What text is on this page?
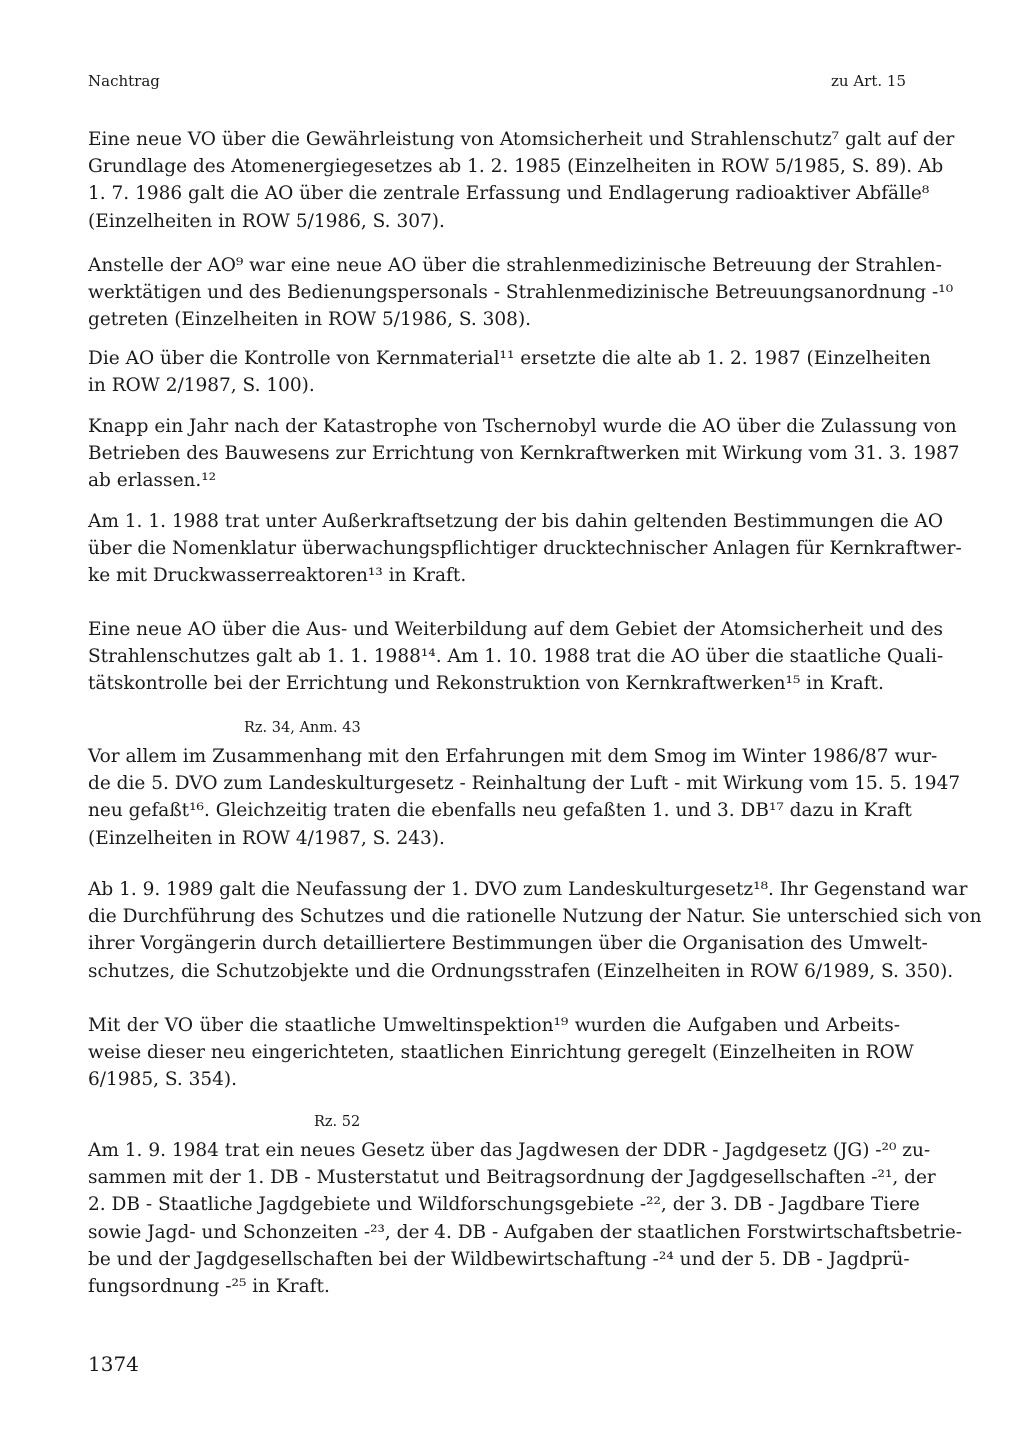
Nachtrag	zu Art. 15
Eine neue VO über die Gewährleistung von Atomsicherheit und Strahlenschutz⁷ galt auf der
Grundlage des Atomenergiegesetzes ab 1. 2. 1985 (Einzelheiten in ROW 5/1985, S. 89). Ab
1. 7. 1986 galt die AO über die zentrale Erfassung und Endlagerung radioaktiver Abfälle⁸
(Einzelheiten in ROW 5/1986, S. 307).
Anstelle der AO⁹ war eine neue AO über die strahlenmedizinische Betreuung der Strahlen-
werktätigen und des Bedienungspersonals - Strahlenmedizinische Betreuungsanordnung -¹⁰
getreten (Einzelheiten in ROW 5/1986, S. 308).
Die AO über die Kontrolle von Kernmaterial¹¹ ersetzte die alte ab 1. 2. 1987 (Einzelheiten
in ROW 2/1987, S. 100).
Knapp ein Jahr nach der Katastrophe von Tschernobyl wurde die AO über die Zulassung von
Betrieben des Bauwesens zur Errichtung von Kernkraftwerken mit Wirkung vom 31. 3. 1987
ab erlassen.¹²
Am 1. 1. 1988 trat unter Außerkraftsetzung der bis dahin geltenden Bestimmungen die AO
über die Nomenklatur überwachungspflichtiger drucktechnischer Anlagen für Kernkraftwer-
ke mit Druckwasserreaktoren¹³ in Kraft.
Eine neue AO über die Aus- und Weiterbildung auf dem Gebiet der Atomsicherheit und des
Strahlenschutzes galt ab 1. 1. 1988¹⁴. Am 1. 10. 1988 trat die AO über die staatliche Quali-
tätskontrolle bei der Errichtung und Rekonstruktion von Kernkraftwerken¹⁵ in Kraft.
Rz. 34, Anm. 43
Vor allem im Zusammenhang mit den Erfahrungen mit dem Smog im Winter 1986/87 wur-
de die 5. DVO zum Landeskulturgesetz - Reinhaltung der Luft - mit Wirkung vom 15. 5. 1947
neu gefaßt¹⁶. Gleichzeitig traten die ebenfalls neu gefaßten 1. und 3. DB¹⁷ dazu in Kraft
(Einzelheiten in ROW 4/1987, S. 243).
Ab 1. 9. 1989 galt die Neufassung der 1. DVO zum Landeskulturgesetz¹⁸. Ihr Gegenstand war
die Durchführung des Schutzes und die rationelle Nutzung der Natur. Sie unterschied sich von
ihrer Vorgängerin durch detailliertere Bestimmungen über die Organisation des Umwelt-
schutzes, die Schutzobjekte und die Ordnungsstrafen (Einzelheiten in ROW 6/1989, S. 350).
Mit der VO über die staatliche Umweltinspektion¹⁹ wurden die Aufgaben und Arbeits-
weise dieser neu eingerichteten, staatlichen Einrichtung geregelt (Einzelheiten in ROW
6/1985, S. 354).
Rz. 52
Am 1. 9. 1984 trat ein neues Gesetz über das Jagdwesen der DDR - Jagdgesetz (JG) -²⁰ zu-
sammen mit der 1. DB - Musterstatut und Beitragsordnung der Jagdgesellschaften -²¹, der
2. DB - Staatliche Jagdgebiete und Wildforschungsgebiete -²², der 3. DB - Jagdbare Tiere
sowie Jagd- und Schonzeiten -²³, der 4. DB - Aufgaben der staatlichen Forstwirtschaftsbetrie-
be und der Jagdgesellschaften bei der Wildbewirtschaftung -²⁴ und der 5. DB - Jagdprü-
fungsordnung -²⁵ in Kraft.
1374
